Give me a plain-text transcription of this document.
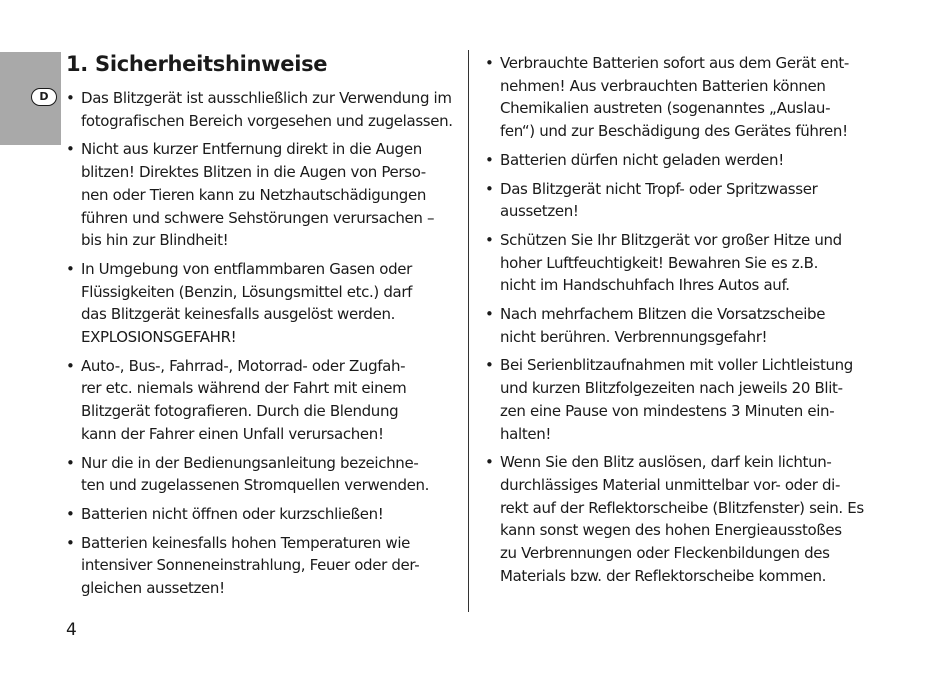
D
1. Sicherheitshinweise
• Das Blitzgerät ist ausschließlich zur Verwendung im
fotografischen Bereich vorgesehen und zugelassen.
• Nicht aus kurzer Entfernung direkt in die Augen
blitzen! Direktes Blitzen in die Augen von Perso-
nen oder Tieren kann zu Netzhautschädigungen
führen und schwere Sehstörungen verursachen –
bis hin zur Blindheit!
• In Umgebung von entflammbaren Gasen oder
Flüssigkeiten (Benzin, Lösungsmittel etc.) darf
das Blitzgerät keinesfalls ausgelöst werden.
EXPLOSIONSGEFAHR!
• Auto-, Bus-, Fahrrad-, Motorrad- oder Zugfah-
rer etc. niemals während der Fahrt mit einem
Blitzgerät fotografieren. Durch die Blendung
kann der Fahrer einen Unfall verursachen!
• Nur die in der Bedienungsanleitung bezeichne-
ten und zugelassenen Stromquellen verwenden.
• Batterien nicht öffnen oder kurzschließen!
• Batterien keinesfalls hohen Temperaturen wie
intensiver Sonneneinstrahlung, Feuer oder der-
gleichen aussetzen!
• Verbrauchte Batterien sofort aus dem Gerät ent-
nehmen! Aus verbrauchten Batterien können
Chemikalien austreten (sogenanntes „Auslau-
fen“) und zur Beschädigung des Gerätes führen!
• Batterien dürfen nicht geladen werden!
• Das Blitzgerät nicht Tropf- oder Spritzwasser
aussetzen!
• Schützen Sie Ihr Blitzgerät vor großer Hitze und
hoher Luftfeuchtigkeit! Bewahren Sie es z.B.
nicht im Handschuhfach Ihres Autos auf.
• Nach mehrfachem Blitzen die Vorsatzscheibe
nicht berühren. Verbrennungsgefahr!
• Bei Serienblitzaufnahmen mit voller Lichtleistung
und kurzen Blitzfolgezeiten nach jeweils 20 Blit-
zen eine Pause von mindestens 3 Minuten ein-
halten!
• Wenn Sie den Blitz auslösen, darf kein lichtun-
durchlässiges Material unmittelbar vor- oder di-
rekt auf der Reflektorscheibe (Blitzfenster) sein. Es
kann sonst wegen des hohen Energieausstoßes
zu Verbrennungen oder Fleckenbildungen des
Materials bzw. der Reflektorscheibe kommen.
4
